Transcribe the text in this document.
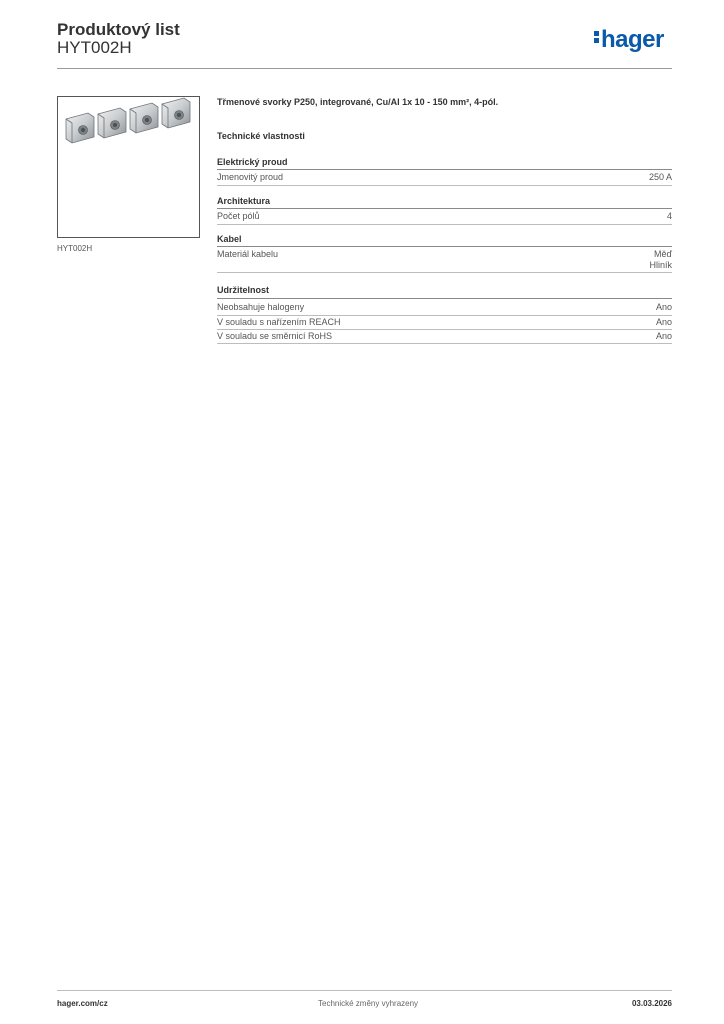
Produktový list
HYT002H	hager
HYT002H
Třmenové svorky P250, integrované, Cu/Al 1x 10 - 150 mm², 4-pól.
Technické vlastnosti
Elektrický proud
Jmenovitý proud	250 A
Architektura
Počet pólů	4
Kabel
Materiál kabelu	Měď
Hliník
Udržitelnost
Neobsahuje halogeny	Ano
V souladu s nařízením REACH	Ano
V souladu se směrnicí RoHS	Ano
hager.com/cz	Technické změny vyhrazeny	03.03.2026
